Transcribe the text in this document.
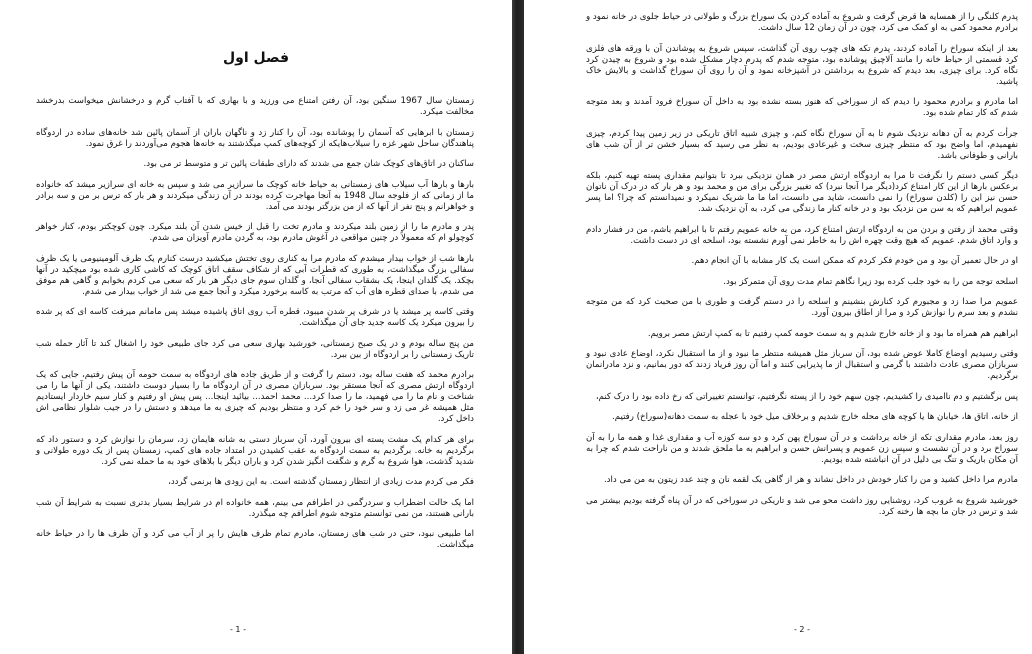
فصل اول

زمستان سال 1967 سنگین بود، آن رفتن امتناع می ورزید و با بهاری که با آفتاب گرم و درخشانش میخواست بدرخشد مخالفت میکرد.

زمستان با ابرهایی که آسمان را پوشانده بود، آن را کنار زد و ناگهان باران از آسمان پائین شد خانه‌های ساده در اردوگاه پناهندگان ساحل شهر غزه را سیلاب‌هایکه از کوچه‌های کمپ میگذشتند به خانه‌ها هجوم می‌آوردند را غرق نمود.

ساکنان در اتاق‌های کوچک شان جمع می شدند که دارای طبقات پائین تر و متوسط تر می بود.

بارها و بارها آب سیلاب های زمستانی به حیاط خانه کوچک ما سرازیر می شد و سپس به خانه ای سرازیر میشد که خانواده ما از زمانی که از فلوجه سال 1948 به آنجا مهاجرت کرده بودند در آن زندگی میکردند و هر بار که ترس بر من و سه برادر و خواهرانم و پنج نفر از آنها که از من بزرگتر بودند می آمد.

پدر و مادرم ما را از زمین بلند میکردند و مادرم تخت را قبل از خیس شدن آن بلند میکرد. چون کوچکتر بودم، کنار خواهر کوچولو ام که معمولاً در چنین مواقعی در آغوش مادرم بود، به گردن مادرم آویزان می شدم.

بارها شب از خواب بیدار میشدم که مادرم مرا به کناری روی تختش میکشید درست کنارم یک ظرف آلومینیومی یا یک ظرف سفالی بزرگ میگذاشت، به طوری که قطرات آبی که از شکاف سقف اتاق کوچک که کاشی کاری شده بود میچکید در آنها بچکد. یک گلدان اینجا، یک بشقاب سفالی آنجا، و گلدان سوم جای دیگر هر بار که سعی می کردم بخوابم و گاهی هم موفق می شدم، با صدای قطره های آب که مرتب به کاسه برخورد میکرد و آنجا جمع می شد از خواب بیدار می شدم.

وقتی کاسه پر میشد یا در شرف پر شدن میبود، قطره آب روی اتاق پاشیده میشد پس مامانم میرفت کاسه ای که پر شده را بیرون میکرد یک کاسه جدید جای آن میگذاشت.

من پنج ساله بودم و در یک صبح زمستانی، خورشید بهاری سعی می کرد جای طبیعی خود را اشغال کند تا آثار حمله شب تاریک زمستانی را بر اردوگاه از بین ببرد.

برادرم محمد که هفت ساله بود، دستم را گرفت و از طریق جاده های اردوگاه به سمت حومه آن پیش رفتیم، جایی که یک اردوگاه ارتش مصری که آنجا مستقر بود. سربازان مصری در آن اردوگاه ما را بسیار دوست داشتند، یکی از آنها ما را می شناخت و نام ما را می فهمید، ما را صدا کرد... محمد احمد... بیائید اینجا... پس پیش او رفتیم و کنار سیم خاردار ایستادیم مثل همیشه غر می زد و سر خود را خم کرد و منتظر بودیم که چیزی به ما میدهد و دستش را در جیب شلوار نظامی اش داخل کرد.

برای هر کدام یک مشت پسته ای بیرون آورد، آن سرباز دستی به شانه هایمان زد، سرمان را نوازش کرد و دستور داد که برگردیم به خانه. برگردیم به سمت اردوگاه به عقب کشیدن در امتداد جاده های کمپ، زمستان پس از یک دوره طولانی و شدید گذشت، هوا شروع به گرم و شگفت انگیز شدن کرد و باران دیگر با بلاهای خود به ما حمله نمی کرد.

فکر می کردم مدت زیادی از انتظار زمستان گذشته است. به این زودی ها برنمی گردد،

اما یک حالت اضطراب و سردرگمی در اطرافم می بینم، همه خانواده ام در شرایط بسیار بدتری نسبت به شرایط آن شب بارانی هستند، من نمی توانستم متوجه شوم اطرافم چه میگذرد.

اما طبیعی نبود، حتی در شب های زمستان، مادرم تمام ظرف هایش را پر از آب می کرد و آن ظرف ها را در حیاط خانه میگذاشت.

- 1 -

پدرم کلنگی را از همسایه ها قرض گرفت و شروع به آماده کردن یک سوراخ بزرگ و طولانی در حیاط جلوی در خانه نمود و برادرم محمود کمی به او کمک می کرد، چون در آن زمان 12 سال داشت.

بعد از اینکه سوراخ را آماده کردند، پدرم تکه های چوب روی آن گذاشت، سپس شروع به پوشاندن آن با ورقه های فلزی کرد قسمتی از حیاط خانه را مانند آلاچیق پوشانده بود، متوجه شدم که پدرم دچار مشکل شده بود و شروع به چیدن کرد نگاه کرد. برای چیزی، بعد دیدم که شروع به برداشتن در آشپزخانه نمود و آن را روی آن سوراخ گذاشت و بالایش خاک پاشید.

اما مادرم و برادرم محمود را دیدم که از سوراخی که هنوز بسته نشده بود به داخل آن سوراخ فرود آمدند و بعد متوجه شدم که کار تمام شده بود.

جرأت کردم به آن دهانه نزدیک شوم تا به آن سوراخ نگاه کنم، و چیزی شبیه اتاق تاریکی در زیر زمین پیدا کردم، چیزی نفهمیدم، اما واضح بود که منتظر چیزی سخت و غیرعادی بودیم، به نظر می رسید که بسیار خشن تر از آن شب های بارانی و طوفانی باشد.

دیگر کسی دستم را نگرفت تا مرا به اردوگاه ارتش مصر در همان نزدیکی ببرد تا بتوانیم مقداری پسته تهیه کنیم، بلکه برعکس بارها از این کار امتناع کرد(دیگر مرا آنجا نبرد) که تغییر بزرگی برای من و محمد بود و هر بار که در درک آن ناتوان حسن نیز این را (کلدن سوراخ) را نمی دانست، شاید می دانست، اما ما ما شریک نمیکرد و نمیدانستم که چرا؟ اما پسر عمویم ابراهیم که به سن من نزدیک بود و در خانه کنار ما زندگی می کرد، به آن نزدیک شد.

وقتی محمد از رفتن و بردن من به اردوگاه ارتش امتناع کرد، من به خانه عمویم رفتم تا با ابراهیم باشم، من در فشار دادم و وارد اتاق شدم. عمویم که هیچ وقت چهره اش را به خاطر نمی آورم نشسته بود، اسلحه ای در دست داشت.

او در حال تعمیر آن بود و من خودم فکر کردم که ممکن است یک کار مشابه با آن انجام دهم.

اسلحه توجه من را به خود جلب کرده بود زیرا نگاهم تمام مدت روی آن متمرکز بود.

عمویم مرا صدا زد و مجبورم کرد کنارش بنشینم و اسلحه را در دستم گرفت و طوری با من صحبت کرد که من متوجه نشدم و بعد سرم را نوازش کرد و مرا از اطاق بیرون آورد.

ابراهیم هم همراه ما بود و از خانه خارج شدیم و به سمت حومه کمپ رفتیم تا به کمپ ارتش مصر برویم.

وقتی رسیدیم اوضاع کاملا عوض شده بود، آن سرباز مثل همیشه منتظر ما نبود و از ما استقبال نکرد، اوضاع عادی نبود و سربازان مصری عادت داشتند با گرمی و استقبال از ما پذیرایی کنند و اما آن روز فریاد زدند که دور بمانیم، و نزد مادرانمان برگردیم.

پس برگشتیم و دم ناامیدی را کشیدیم، چون سهم خود را از پسته نگرفتیم، توانستم تغییراتی که رخ داده بود را درک کنم،

از خانه، اتاق ها، خیابان ها یا کوچه های محله خارج شدیم و برخلاف میل خود با عجله به سمت دهانه(سوراخ) رفتیم.

روز بعد، مادرم مقداری تکه از خانه برداشت و در آن سوراخ پهن کرد و دو سه کوزه آب و مقداری غذا و همه ما را به آن سوراخ برد و در آن نشست و سپس زن عمویم و پسرانش حسن و ابراهیم به ما ملحق شدند و من ناراحت شدم که چرا به آن مکان باریک و تنگ بی دلیل در آن انباشته شده بودیم.

مادرم مرا داخل کشید و من را کنار خودش در داخل نشاند و هر از گاهی یک لقمه نان و چند عدد زیتون به من می داد.

خورشید شروع به غروب کرد، روشنایی روز داشت محو می شد و تاریکی در سوراخی که در آن پناه گرفته بودیم بیشتر می شد و ترس در جان ما بچه ها رخنه کرد.

- 2 -
